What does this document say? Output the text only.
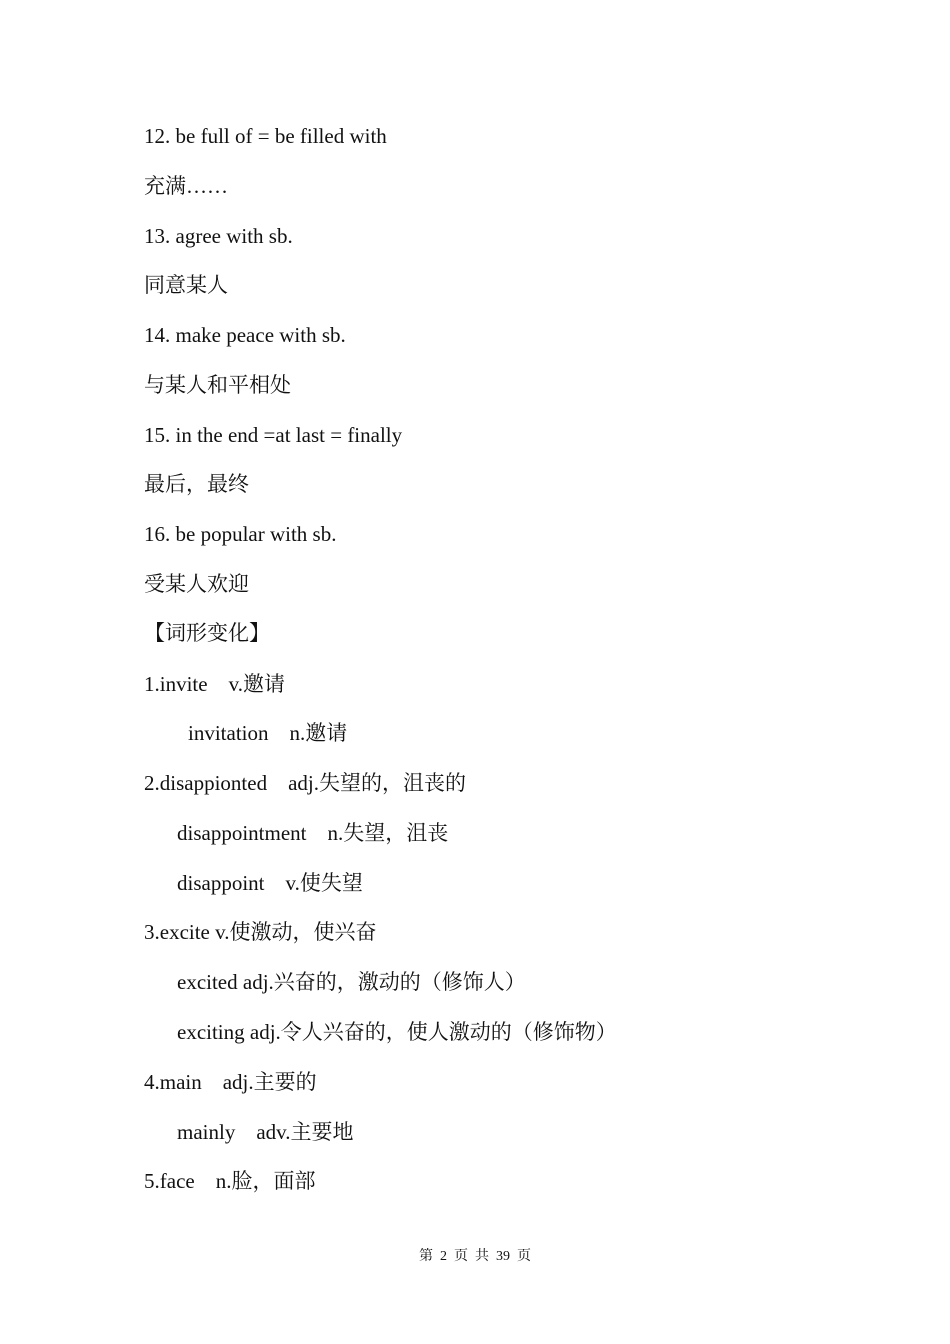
12. be full of = be filled with
充满……
13. agree with sb.
同意某人
14. make peace with sb.
与某人和平相处
15. in the end =at last = finally
最后，最终
16. be popular with sb.
受某人欢迎
【词形变化】
1.invite    v.邀请
invitation    n.邀请
2.disappionted    adj.失望的，沮丧的
disappointment    n.失望，沮丧
disappoint    v.使失望
3.excite v.使激动，使兴奋
excited adj.兴奋的，激动的（修饰人）
exciting adj.令人兴奋的，使人激动的（修饰物）
4.main    adj.主要的
mainly    adv.主要地
5.face    n.脸，面部
第  2  页  共  39  页
